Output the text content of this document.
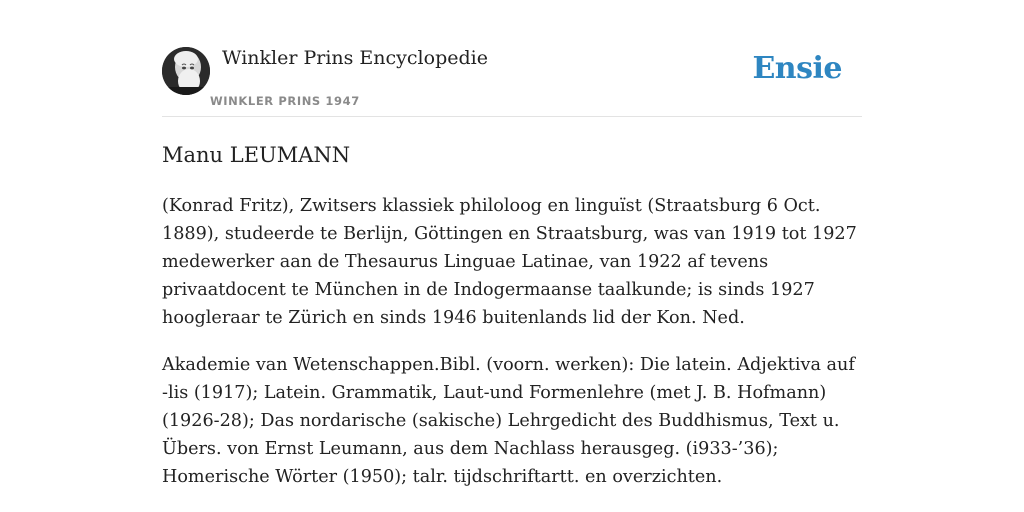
Winkler Prins Encyclopedie
WINKLER PRINS 1947
Ensie
Manu LEUMANN

(Konrad Fritz), Zwitsers klassiek philoloog en linguïst (Straatsburg 6 Oct. 1889), studeerde te Berlijn, Göttingen en Straatsburg, was van 1919 tot 1927 medewerker aan de Thesaurus Linguae Latinae, van 1922 af tevens privaatdocent te München in de Indogermaanse taalkunde; is sinds 1927 hoogleraar te Zürich en sinds 1946 buitenlands lid der Kon. Ned.

Akademie van Wetenschappen.Bibl. (voorn. werken): Die latein. Adjektiva auf -lis (1917); Latein. Grammatik, Laut-und Formenlehre (met J. B. Hofmann) (1926-28); Das nordarische (sakische) Lehrgedicht des Buddhismus, Text u. Übers. von Ernst Leumann, aus dem Nachlass herausgeg. (i933-’36); Homerische Wörter (1950); talr. tijdschriftartt. en overzichten.
